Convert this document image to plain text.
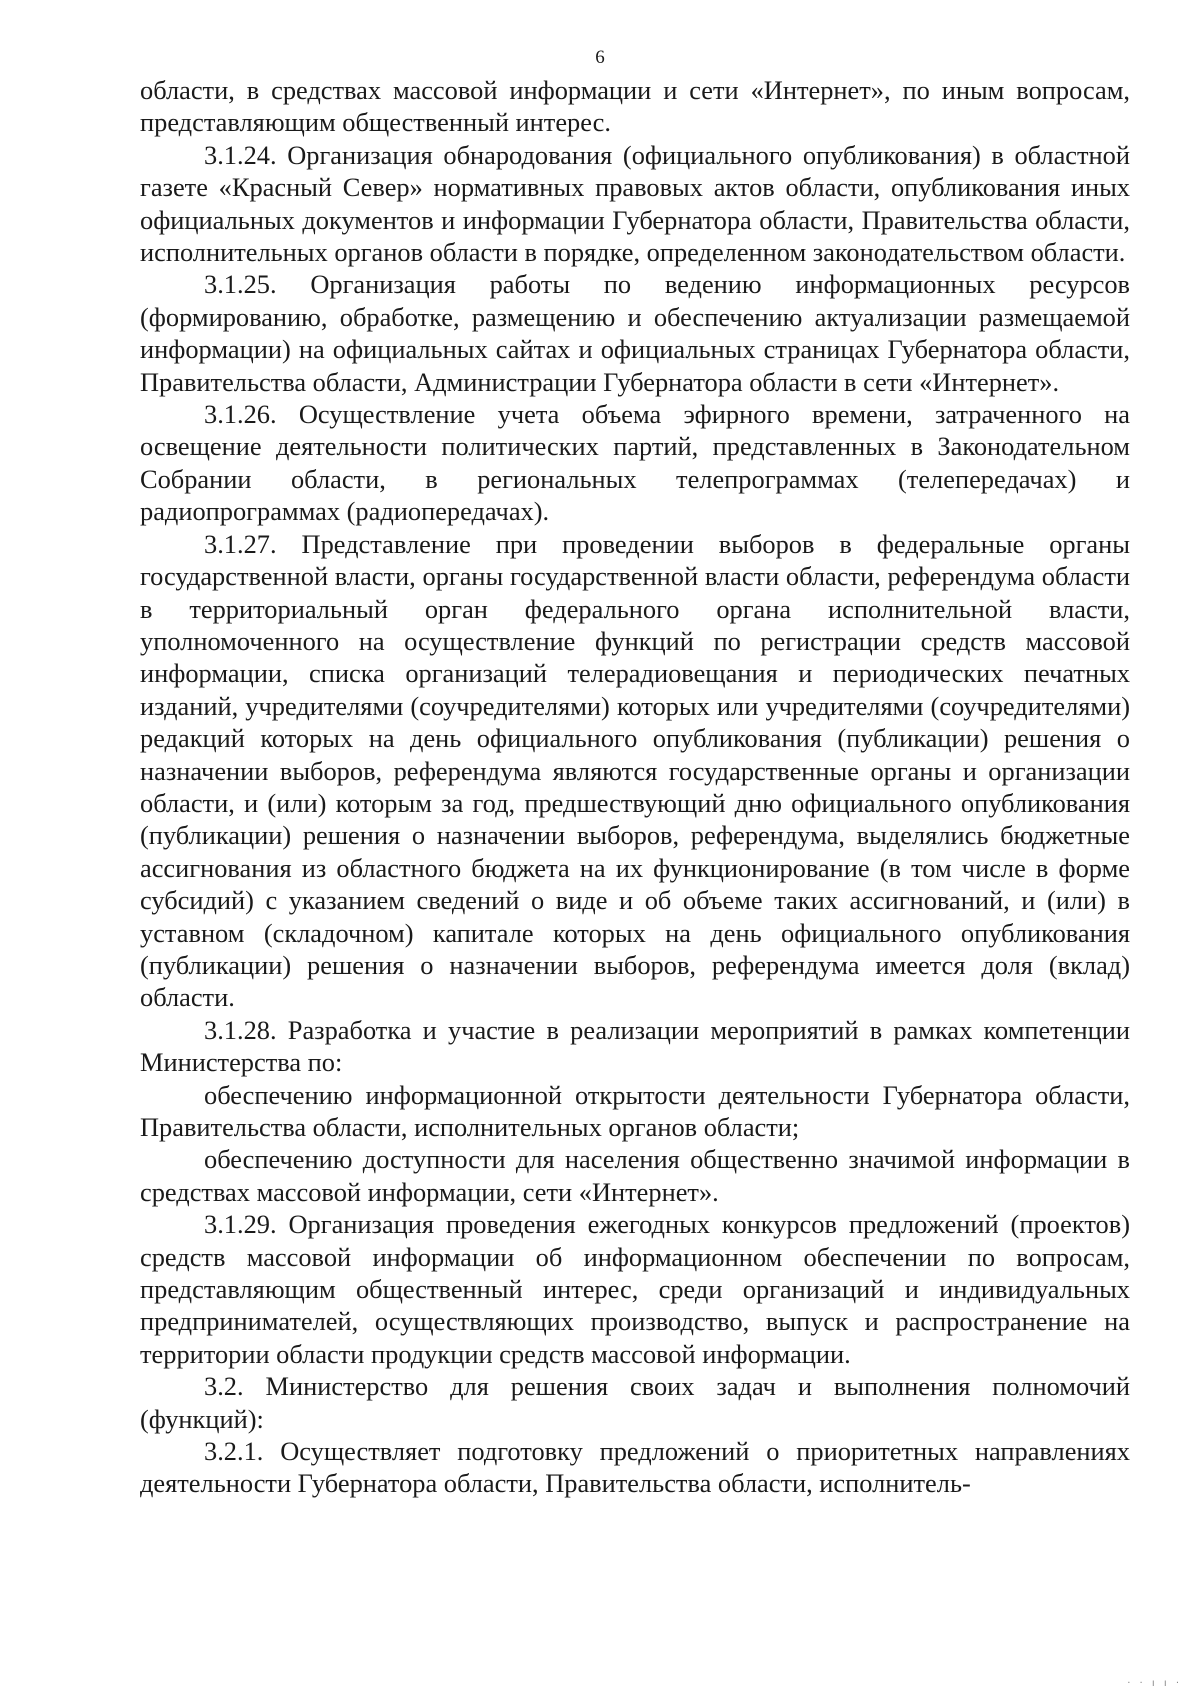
6

области, в средствах массовой информации и сети «Интернет», по иным вопросам, представляющим общественный интерес.

3.1.24. Организация обнародования (официального опубликования) в областной газете «Красный Север» нормативных правовых актов области, опубликования иных официальных документов и информации Губернатора области, Правительства области, исполнительных органов области в порядке, определенном законодательством области.

3.1.25. Организация работы по ведению информационных ресурсов (формированию, обработке, размещению и обеспечению актуализации размещаемой информации) на официальных сайтах и официальных страницах Губернатора области, Правительства области, Администрации Губернатора области в сети «Интернет».

3.1.26. Осуществление учета объема эфирного времени, затраченного на освещение деятельности политических партий, представленных в Законодательном Собрании области, в региональных телепрограммах (телепередачах) и радиопрограммах (радиопередачах).

3.1.27. Представление при проведении выборов в федеральные органы государственной власти, органы государственной власти области, референдума области в территориальный орган федерального органа исполнительной власти, уполномоченного на осуществление функций по регистрации средств массовой информации, списка организаций телерадиовещания и периодических печатных изданий, учредителями (соучредителями) которых или учредителями (соучредителями) редакций которых на день официального опубликования (публикации) решения о назначении выборов, референдума являются государственные органы и организации области, и (или) которым за год, предшествующий дню официального опубликования (публикации) решения о назначении выборов, референдума, выделялись бюджетные ассигнования из областного бюджета на их функционирование (в том числе в форме субсидий) с указанием сведений о виде и об объеме таких ассигнований, и (или) в уставном (складочном) капитале которых на день официального опубликования (публикации) решения о назначении выборов, референдума имеется доля (вклад) области.

3.1.28. Разработка и участие в реализации мероприятий в рамках компетенции Министерства по:

обеспечению информационной открытости деятельности Губернатора области, Правительства области, исполнительных органов области;

обеспечению доступности для населения общественно значимой информации в средствах массовой информации, сети «Интернет».

3.1.29. Организация проведения ежегодных конкурсов предложений (проектов) средств массовой информации об информационном обеспечении по вопросам, представляющим общественный интерес, среди организаций и индивидуальных предпринимателей, осуществляющих производство, выпуск и распространение на территории области продукции средств массовой информации.

3.2. Министерство для решения своих задач и выполнения полномочий (функций):

3.2.1. Осуществляет подготовку предложений о приоритетных направлениях деятельности Губернатора области, Правительства области, исполнитель-

· · ı ı ·
